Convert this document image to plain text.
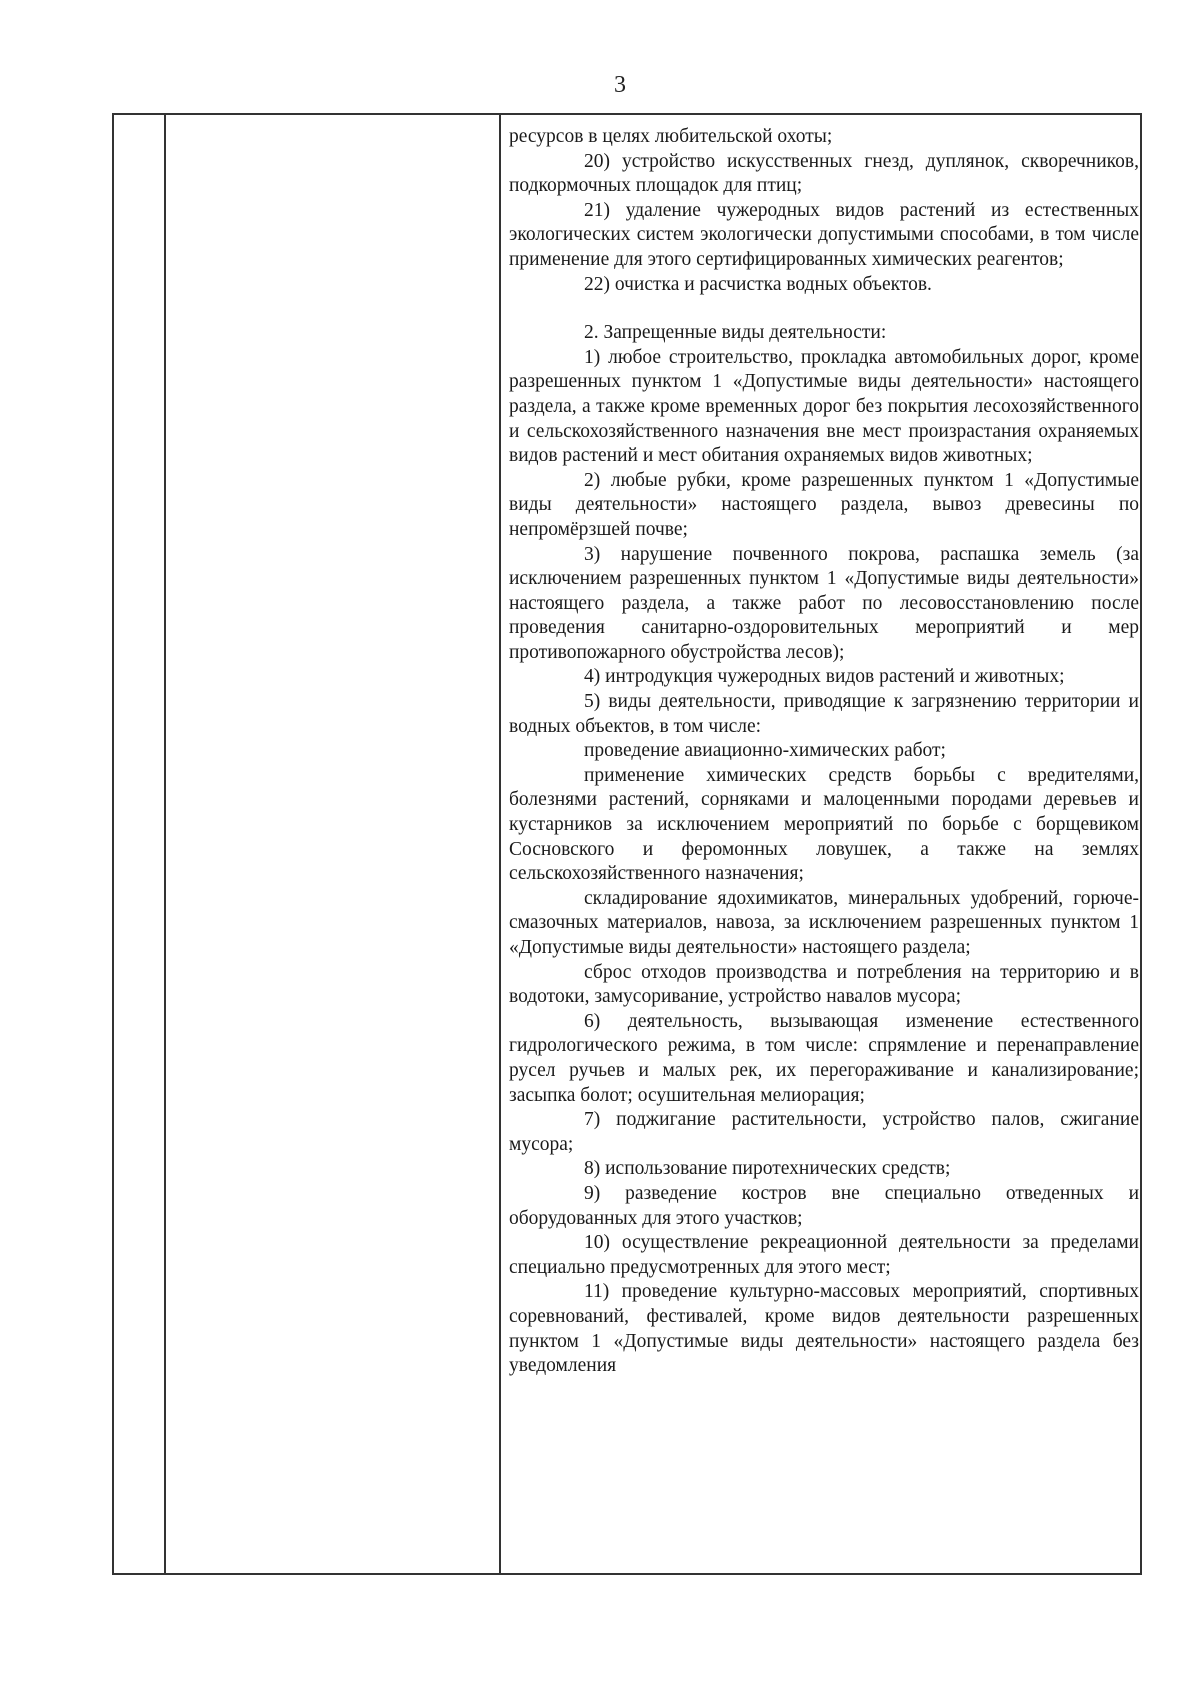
3

ресурсов в целях любительской охоты;

20) устройство искусственных гнезд, дуплянок, скворечников, подкормочных площадок для птиц;

21) удаление чужеродных видов растений из естественных экологических систем экологически допустимыми способами, в том числе применение для этого сертифицированных химических реагентов;

22) очистка и расчистка водных объектов.

2. Запрещенные виды деятельности:

1) любое строительство, прокладка автомобильных дорог, кроме разрешенных пунктом 1 «Допустимые виды деятельности» настоящего раздела, а также кроме временных дорог без покрытия лесохозяйственного и сельскохозяйственного назначения вне мест произрастания охраняемых видов растений и мест обитания охраняемых видов животных;

2) любые рубки, кроме разрешенных пунктом 1 «Допустимые виды деятельности» настоящего раздела, вывоз древесины по непромёрзшей почве;

3) нарушение почвенного покрова, распашка земель (за исключением разрешенных пунктом 1 «Допустимые виды деятельности» настоящего раздела, а также работ по лесовосстановлению после проведения санитарно-оздоровительных мероприятий и мер противопожарного обустройства лесов);

4) интродукция чужеродных видов растений и животных;

5) виды деятельности, приводящие к загрязнению территории и водных объектов, в том числе:

проведение авиационно-химических работ;

применение химических средств борьбы с вредителями, болезнями растений, сорняками и малоценными породами деревьев и кустарников за исключением мероприятий по борьбе с борщевиком Сосновского и феромонных ловушек, а также на землях сельскохозяйственного назначения;

складирование ядохимикатов, минеральных удобрений, горюче-смазочных материалов, навоза, за исключением разрешенных пунктом 1 «Допустимые виды деятельности» настоящего раздела;

сброс отходов производства и потребления на территорию и в водотоки, замусоривание, устройство навалов мусора;

6) деятельность, вызывающая изменение естественного гидрологического режима, в том числе: спрямление и перенаправление русел ручьев и малых рек, их перегораживание и канализирование; засыпка болот; осушительная мелиорация;

7) поджигание растительности, устройство палов, сжигание мусора;

8) использование пиротехнических средств;

9) разведение костров вне специально отведенных и оборудованных для этого участков;

10) осуществление рекреационной деятельности за пределами специально предусмотренных для этого мест;

11) проведение культурно-массовых мероприятий, спортивных соревнований, фестивалей, кроме видов деятельности разрешенных пунктом 1 «Допустимые виды деятельности» настоящего раздела без уведомления
